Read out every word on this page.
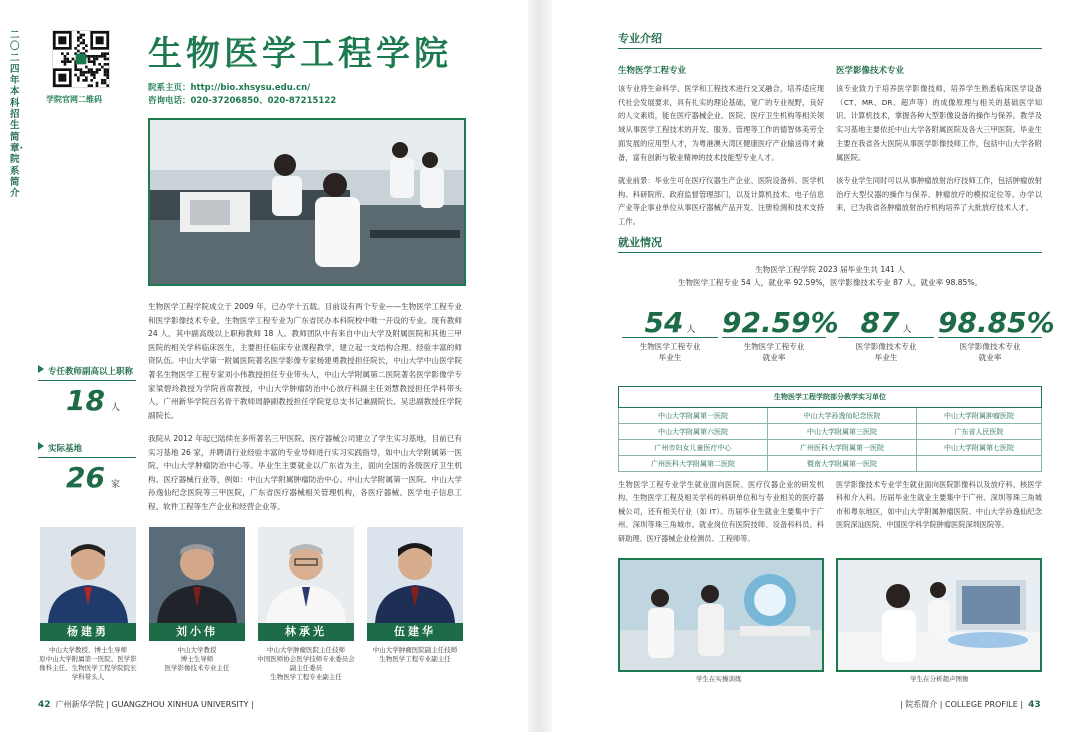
二〇二四年本科招生简章·院系简介
学院官网二维码
生物医学工程学院
院系主页：http://bio.xhsysu.edu.cn/
咨询电话：020-37206850、020-87215122
生物医学工程学院成立于 2009 年，已办学十五载。目前设有两个专业——生物医学工程专业和医学影像技术专业，生物医学工程专业为广东省民办本科院校中唯一开设的专业。现有教师 24 人，其中副高级以上职称教师 18 人。教师团队中有来自中山大学及附属医院和其他三甲医院的相关学科临床医生，主要担任临床专业课程教学，建立起一支结构合理、经验丰富的师资队伍。中山大学第一附属医院著名医学影像专家杨建勇教授担任院长，中山大学中山医学院著名生物医学工程专家刘小伟教授担任专业带头人，中山大学附属第二医院著名医学影像学专家梁碧玲教授为学院首席教授，中山大学肿瘤防治中心放疗科副主任刘慧教授担任学科带头人，广州新华学院百名骨干教师周静副教授担任学院党总支书记兼副院长、吴忠副教授任学院副院长。
我院从 2012 年起已陆续在多所著名三甲医院、医疗器械公司建立了学生实习基地，目前已有实习基地 26 家，并聘请行业经验丰富的专业导师进行实习实践指导，如中山大学附属第一医院、中山大学肿瘤防治中心等。毕业生主要就业以广东省为主，面向全国的各级医疗卫生机构、医疗器械行业等，例如：中山大学附属肿瘤防治中心、中山大学附属第一医院、中山大学孙逸仙纪念医院等三甲医院，广东省医疗器械相关管理机构，各医疗器械、医学电子信息工程、软件工程等生产企业和经营企业等。
专任教师副高以上职称
18 人
实际基地
26 家
杨建勇	刘小伟	林承光	伍建华
中山大学教授、博士生导师
原中山大学附属第一医院、医学影
像科主任、生物医学工程学院院长
学科带头人
中山大学教授
博士生导师
医学影像技术专业主任
中山大学肿瘤医院主任技师
中国医师协会医学技师专业委员会
副主任委员
生物医学工程专业副主任
中山大学肿瘤医院副主任技师
生物医学工程专业副主任
42 广州新华学院 | GUANGZHOU XINHUA UNIVERSITY |
专业介绍
生物医学工程专业
该专业将生命科学、医学和工程技术进行交叉融合，培养适应现代社会发展要求，具有扎实的理论基础，宽广的专业视野，良好的人文素质，能在医疗器械企业、医院、医疗卫生机构等相关领域从事医学工程技术的开发、服务、管理等工作的德智体美劳全面发展的应用型人才，为粤港澳大湾区健康医疗产业输送得才兼备，富有创新与敬业精神的技术技能型专业人才。
就业前景：毕业生可在医疗仪器生产企业、医院设备科、医学机构、科研院所、政府监督管理部门，以及计算机技术、电子信息产业等企事业单位从事医疗器械产品开发、注册检测和技术支持工作。
医学影像技术专业
该专业致力于培养医学影像技师，培养学生熟悉临床医学设备（CT、MR、DR、超声等）的成像原理与相关的基础医学知识、计算机技术，掌握各种大型影像设备的操作与保养。教学及实习基地主要依托中山大学各附属医院及各大三甲医院。毕业生主要在我省各大医院从事医学影像技师工作，包括中山大学各附属医院。
该专业学生同时可以从事肿瘤放射治疗技师工作，包括肿瘤放射治疗大型仪器的操作与保养、肿瘤放疗的模拟定位等。办学以来，已为我省各肿瘤放射治疗机构培养了大批放疗技术人才。
就业情况
生物医学工程学院 2023 届毕业生共 141 人
生物医学工程专业 54 人，就业率 92.59%，医学影像技术专业 87 人，就业率 98.85%。
54 人
生物医学工程专业
毕业生
92.59%
生物医学工程专业
就业率
87 人
医学影像技术专业
毕业生
98.85%
医学影像技术专业
就业率
生物医学工程学院部分教学实习单位		
中山大学附属第一医院	中山大学孙逸仙纪念医院	中山大学附属肿瘤医院
中山大学附属第六医院	中山大学附属第三医院	广东省人民医院
广州市妇女儿童医疗中心	广州医科大学附属第一医院	中山大学附属第七医院
广州医科大学附属第二医院	暨南大学附属第一医院	
生物医学工程专业学生就业面向医院、医疗仪器企业的研发机构、生物医学工程及相关学科的科研单位和与专业相关的医疗器械公司，还有相关行业（如 IT）。历届毕业生就业主要集中于广州、深圳等珠三角城市。就业岗位有医院技师、设备科科员、科研助理、医疗器械企业检测员、工程师等。
医学影像技术专业学生就业面向医院影像科以及放疗科、核医学科和介入科。历届毕业生就业主要集中于广州、深圳等珠三角城市和粤东地区，如中山大学附属肿瘤医院、中山大学孙逸仙纪念医院深汕医院、中国医学科学院肿瘤医院深圳医院等。
学生在实操训练	学生在分析超声图像
| 院系简介 | COLLEGE PROFILE | 43
